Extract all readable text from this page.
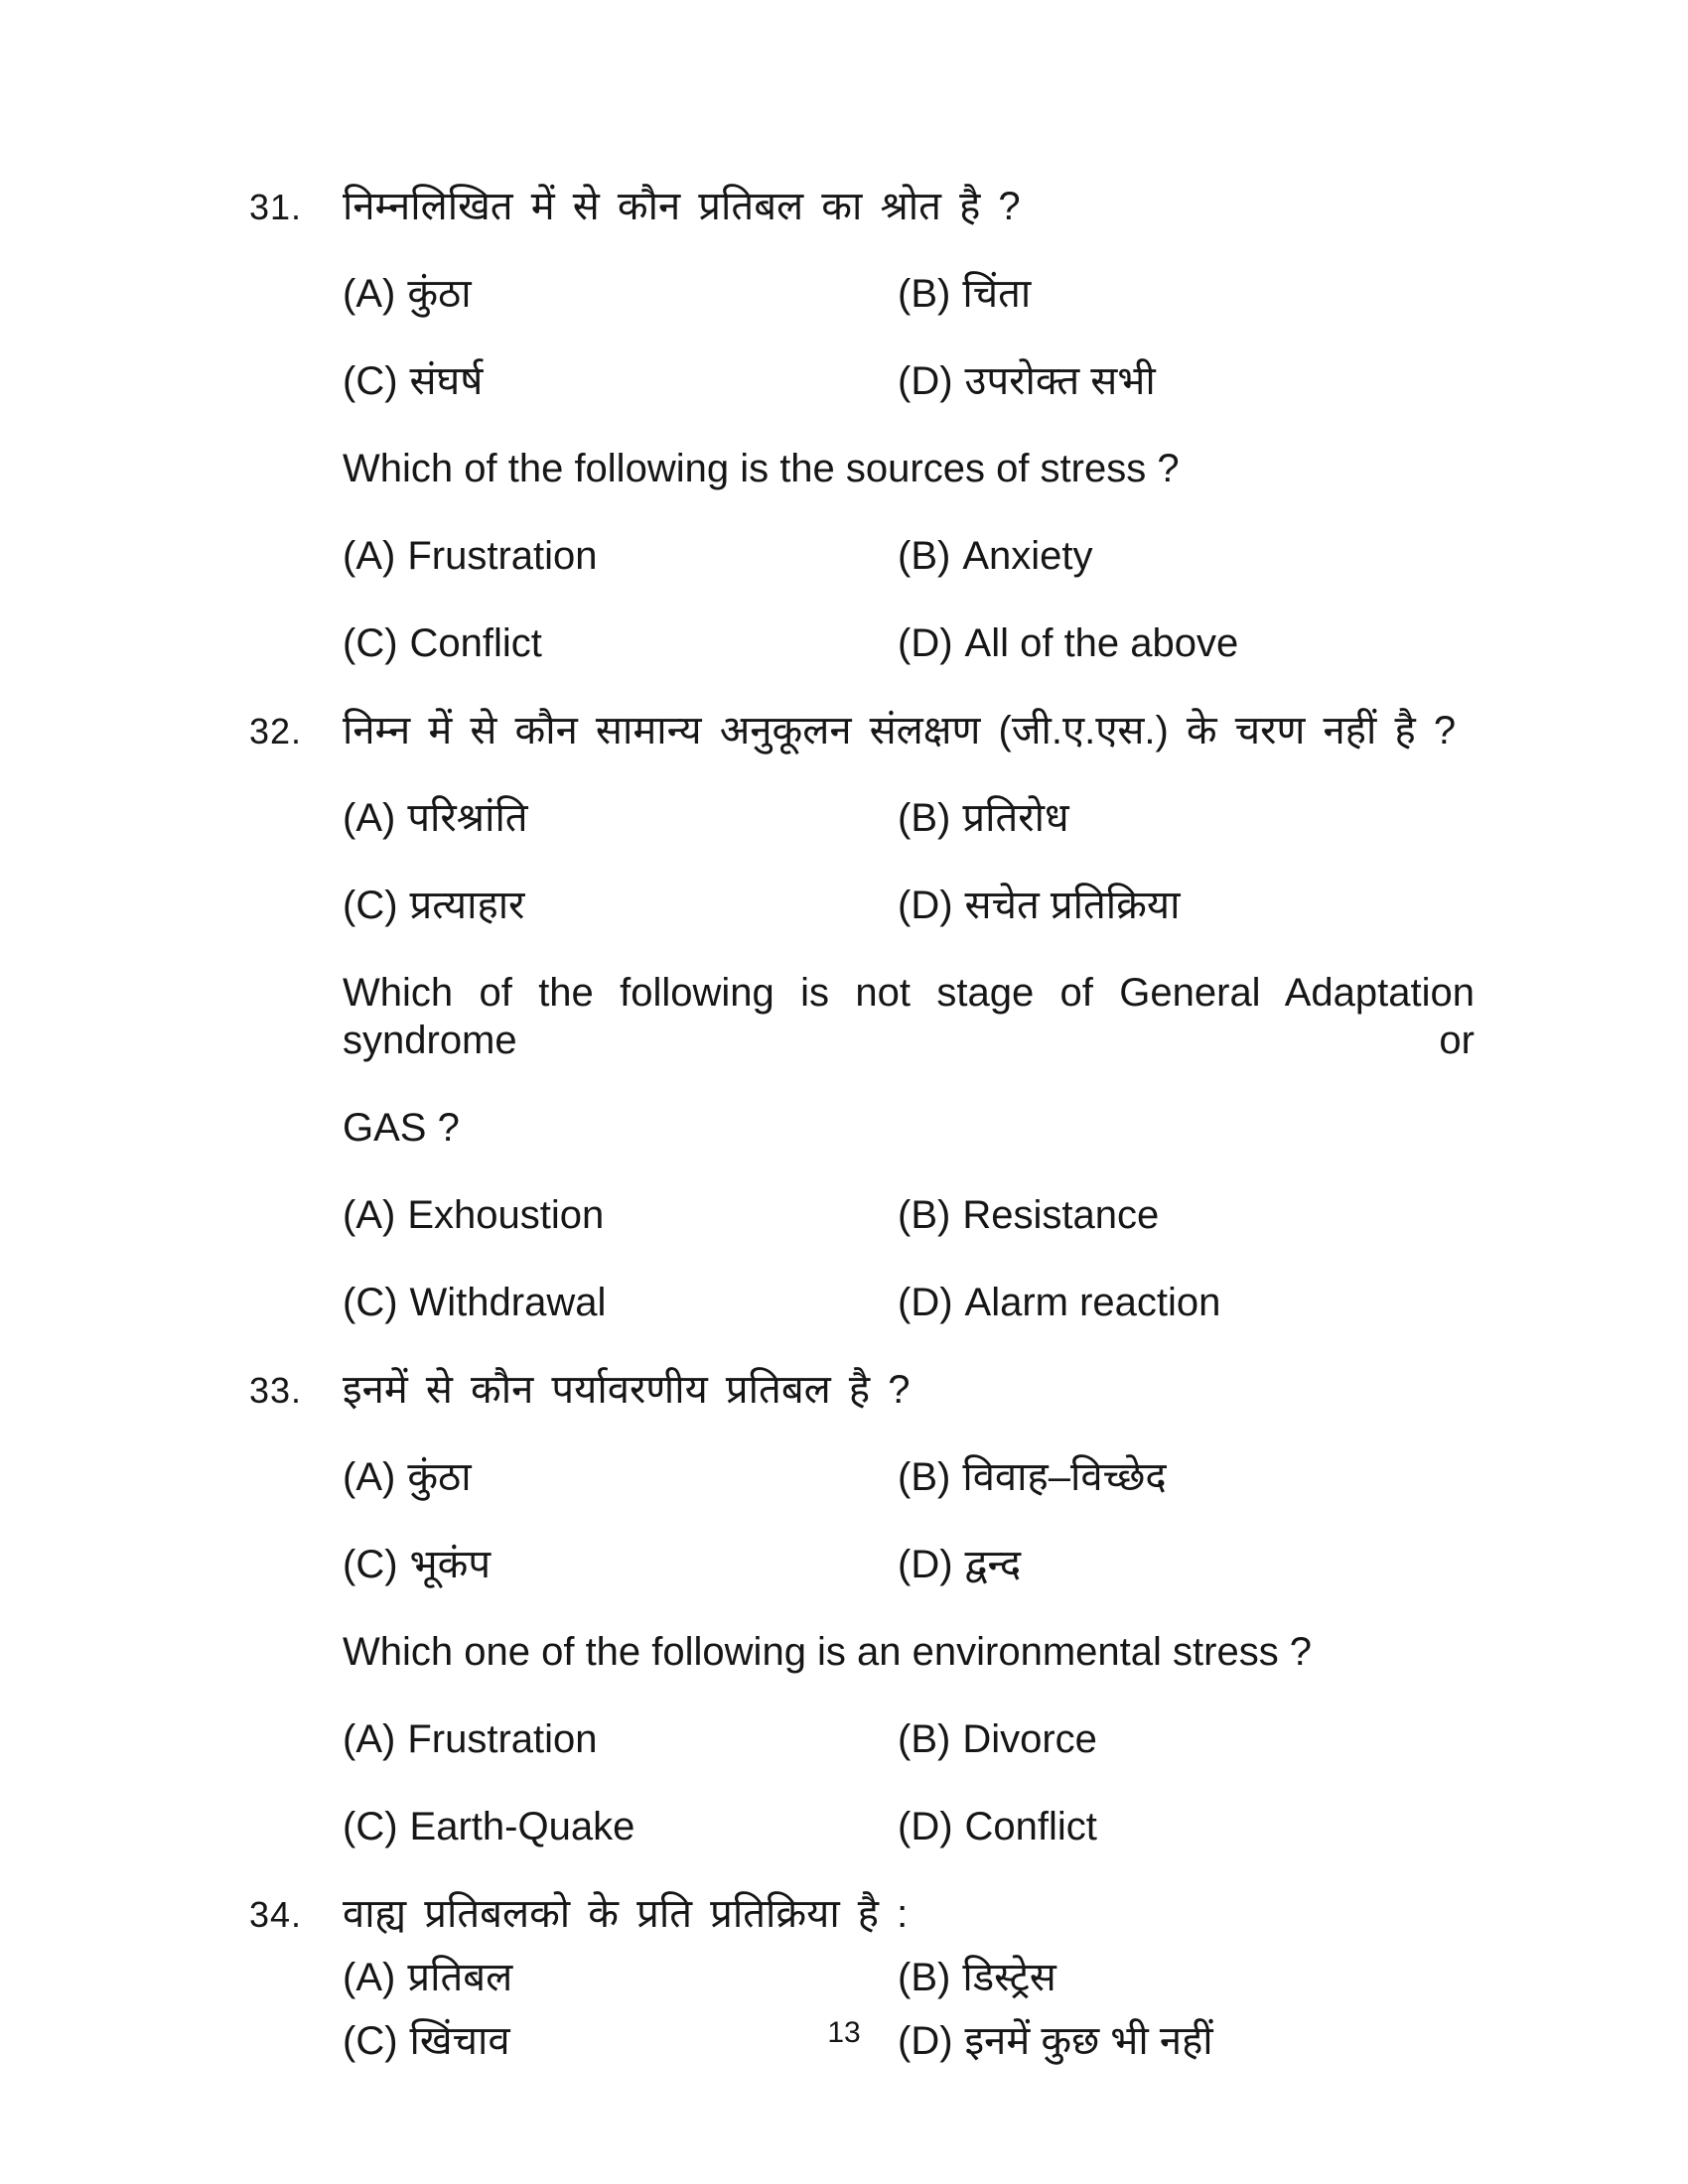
31. निम्नलिखित में से कौन प्रतिबल का श्रोत है ?
(A) कुंठा	(B) चिंता
(C) संघर्ष	(D) उपरोक्त सभी
Which of the following is the sources of stress ?
(A) Frustration	(B) Anxiety
(C) Conflict	(D) All of the above
32. निम्न में से कौन सामान्य अनुकूलन संलक्षण (जी.ए.एस.) के चरण नहीं है ?
(A) परिश्रांति	(B) प्रतिरोध
(C) प्रत्याहार	(D) सचेत प्रतिक्रिया
Which of the following is not stage of General Adaptation syndrome or
GAS ?
(A) Exhoustion	(B) Resistance
(C) Withdrawal	(D) Alarm reaction
33. इनमें से कौन पर्यावरणीय प्रतिबल है ?
(A) कुंठा	(B) विवाह–विच्छेद
(C) भूकंप	(D) द्वन्द
Which one of the following is an environmental stress ?
(A) Frustration	(B) Divorce
(C) Earth-Quake	(D) Conflict
34. वाह्य प्रतिबलको के प्रति प्रतिक्रिया है :
(A) प्रतिबल	(B) डिस्ट्रेस
(C) खिंचाव	(D) इनमें कुछ भी नहीं
13
